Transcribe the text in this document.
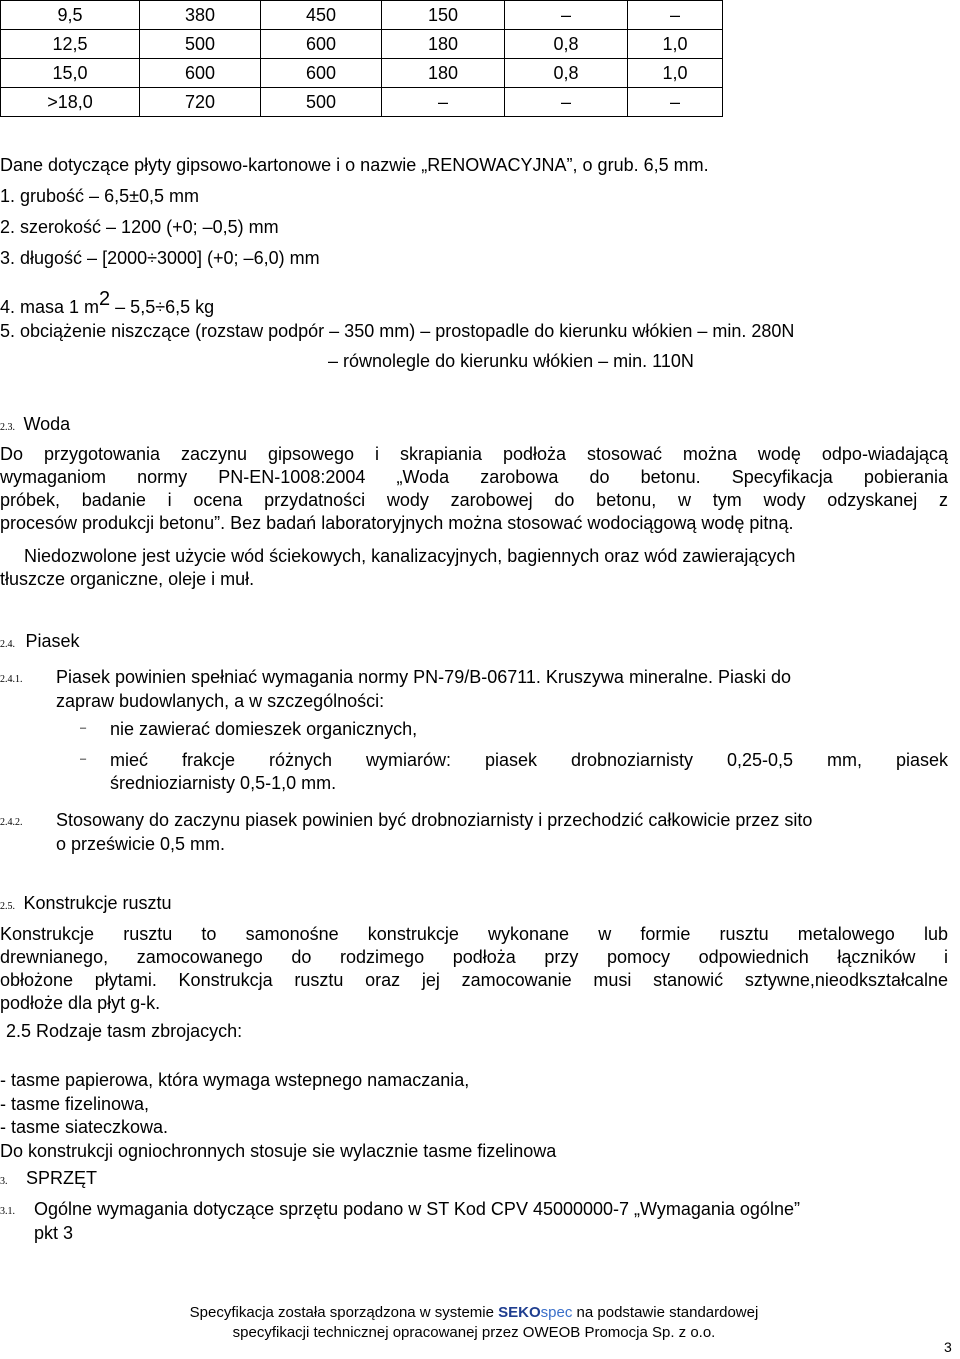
9,5	380	450	150	–	–
12,5	500	600	180	0,8	1,0
15,0	600	600	180	0,8	1,0
>18,0	720	500	–	–	–
Dane dotyczące płyty gipsowo-kartonowe i o nazwie „RENOWACYJNA”, o grub. 6,5 mm.
1. grubość – 6,5±0,5 mm
2. szerokość – 1200 (+0; –0,5) mm
3. długość – [2000÷3000] (+0; –6,0) mm
4. masa 1 $m^2 - 5,5\div 6,5$ kg
5. obciążenie niszczące (rozstaw podpór – 350 mm) – prostopadle do kierunku włókien – min. 280N
– równolegle do kierunku włókien – min. 110N
2.3. Woda
Do przygotowania zaczynu gipsowego i skrapiania podłoża stosować można wodę odpo-wiadającą
wymaganiom normy PN-EN-1008:2004 „Woda zarobowa do betonu. Specyfikacja pobierania
próbek, badanie i ocena przydatności wody zarobowej do betonu, w tym wody odzyskanej z
procesów produkcji betonu”. Bez badań laboratoryjnych można stosować wodociągową wodę pitną.
Niedozwolone jest użycie wód ściekowych, kanalizacyjnych, bagiennych oraz wód zawierających
tłuszcze organiczne, oleje i muł.
2.4. Piasek
2.4.1. Piasek powinien spełniać wymagania normy PN-79/B-06711. Kruszywa mineralne. Piaski do
zapraw budowlanych, a w szczególności:
– nie zawierać domieszek organicznych,
– mieć frakcje różnych wymiarów: piasek drobnoziarnisty 0,25-0,5 mm, piasek
średnioziarnisty 0,5-1,0 mm.
2.4.2. Stosowany do zaczynu piasek powinien być drobnoziarnisty i przechodzić całkowicie przez sito
o prześwicie 0,5 mm.
2.5. Konstrukcje rusztu
Konstrukcje rusztu to samonośne konstrukcje wykonane w formie rusztu metalowego lub
drewnianego, zamocowanego do rodzimego podłoża przy pomocy odpowiednich łączników i
obłożone płytami. Konstrukcja rusztu oraz jej zamocowanie musi stanowić sztywne,nieodkształcalne
podłoże dla płyt g-k.
2.5 Rodzaje tasm zbrojacych:
- tasme papierowa, która wymaga wstepnego namaczania,
- tasme fizelinowa,
- tasme siateczkowa.
Do konstrukcji ogniochronnych stosuje sie wylacznie tasme fizelinowa
3. SPRZĘT
3.1. Ogólne wymagania dotyczące sprzętu podano w ST Kod CPV 45000000-7 „Wymagania ogólne”
pkt 3
Specyfikacja została sporządzona w systemie SEKOspec na podstawie standardowej
specyfikacji technicznej opracowanej przez OWEOB Promocja Sp. z o.o.
3
